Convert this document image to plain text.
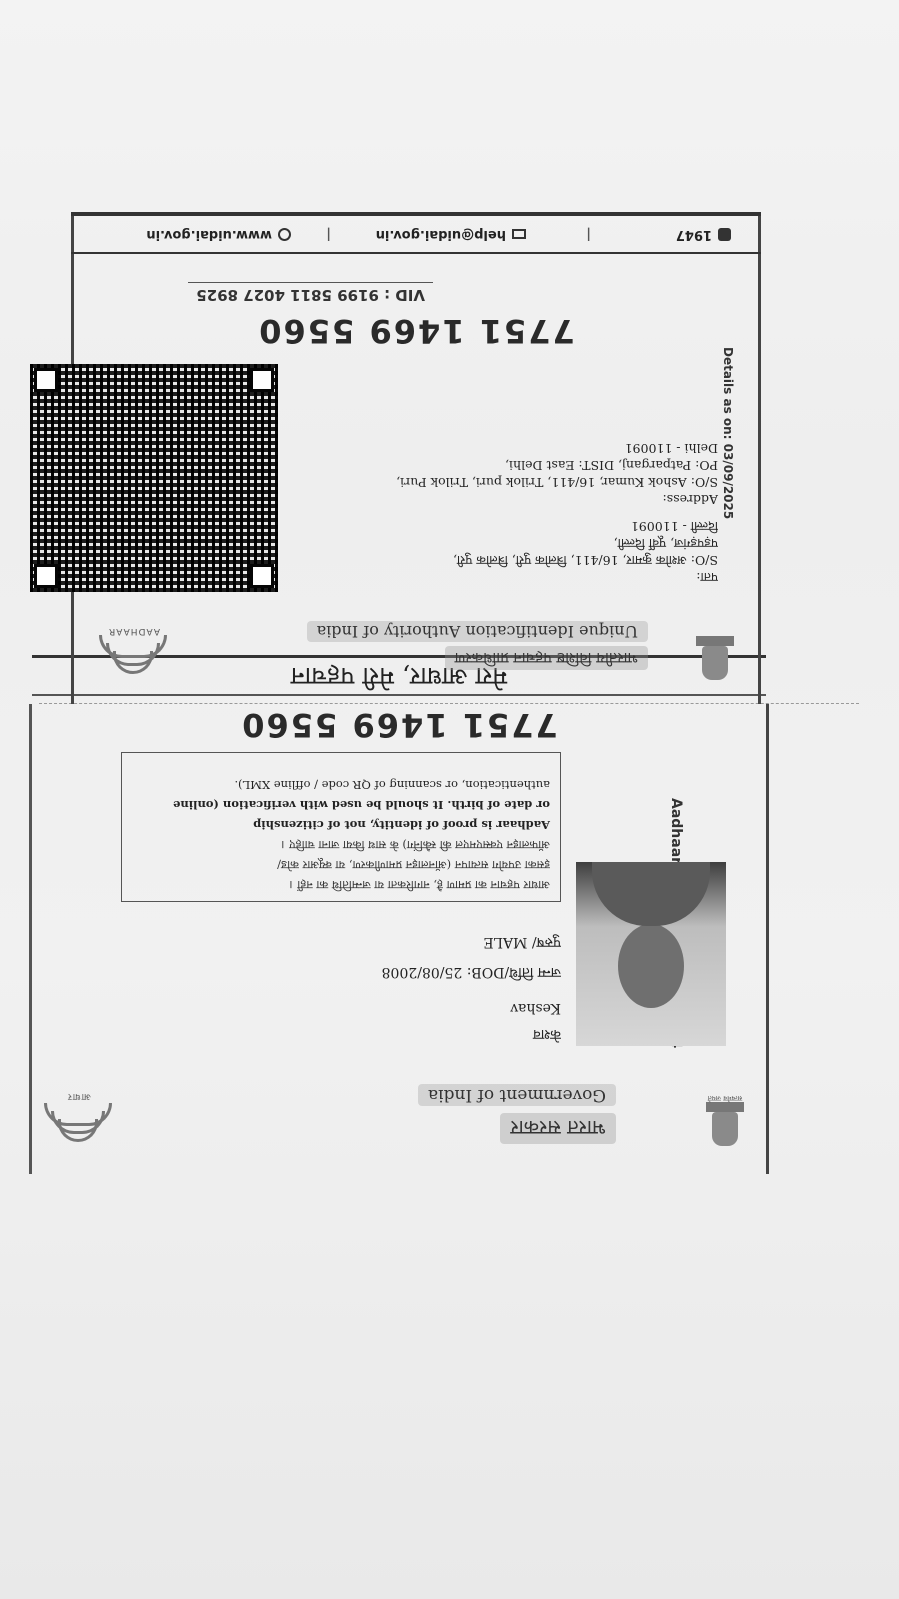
सत्यमेव जयते
भारत सरकार
Government of India
आधार
केशव
Keshav
जन्म तिथि/DOB: 25/08/2008
पुरुष/ MALE
आधार पहचान का प्रमाण है, नागरिकता या जन्मतिथि का नहीं ।
इसका उपयोग सत्यापन (ऑनलाइन प्रमाणीकरण, या क्यूआर कोड/
ऑफलाइन एक्सएमएल की स्कैनिंग) के साथ किया जाना चाहिए ।
Aadhaar is proof of identity, not of citizenship
or date of birth. It should be used with verification (online
authentication, or scanning of QR code / offline XML).
7751 1469 5560
मेरा आधार, मेरी पहचान
भारतीय विशिष्ट पहचान प्राधिकरण
Unique Identification Authority of India
AADHAAR
Details as on: 03/09/2025
पता:
S/O: अशोक कुमार, 16/411, त्रिलोक पुरी, त्रिलोक पुरी,
पड़पड़गंज, पूर्वी दिल्ली,
दिल्ली - 110091
Address:
S/O: Ashok Kumar, 16/411, Trilok puri, Trilok Puri,
PO: Patparganj, DIST: East Delhi,
Delhi - 110091
7751 1469 5560
VID : 9199 5811 4027 8925
1947
|
help@uidai.gov.in
|
www.uidai.gov.in
